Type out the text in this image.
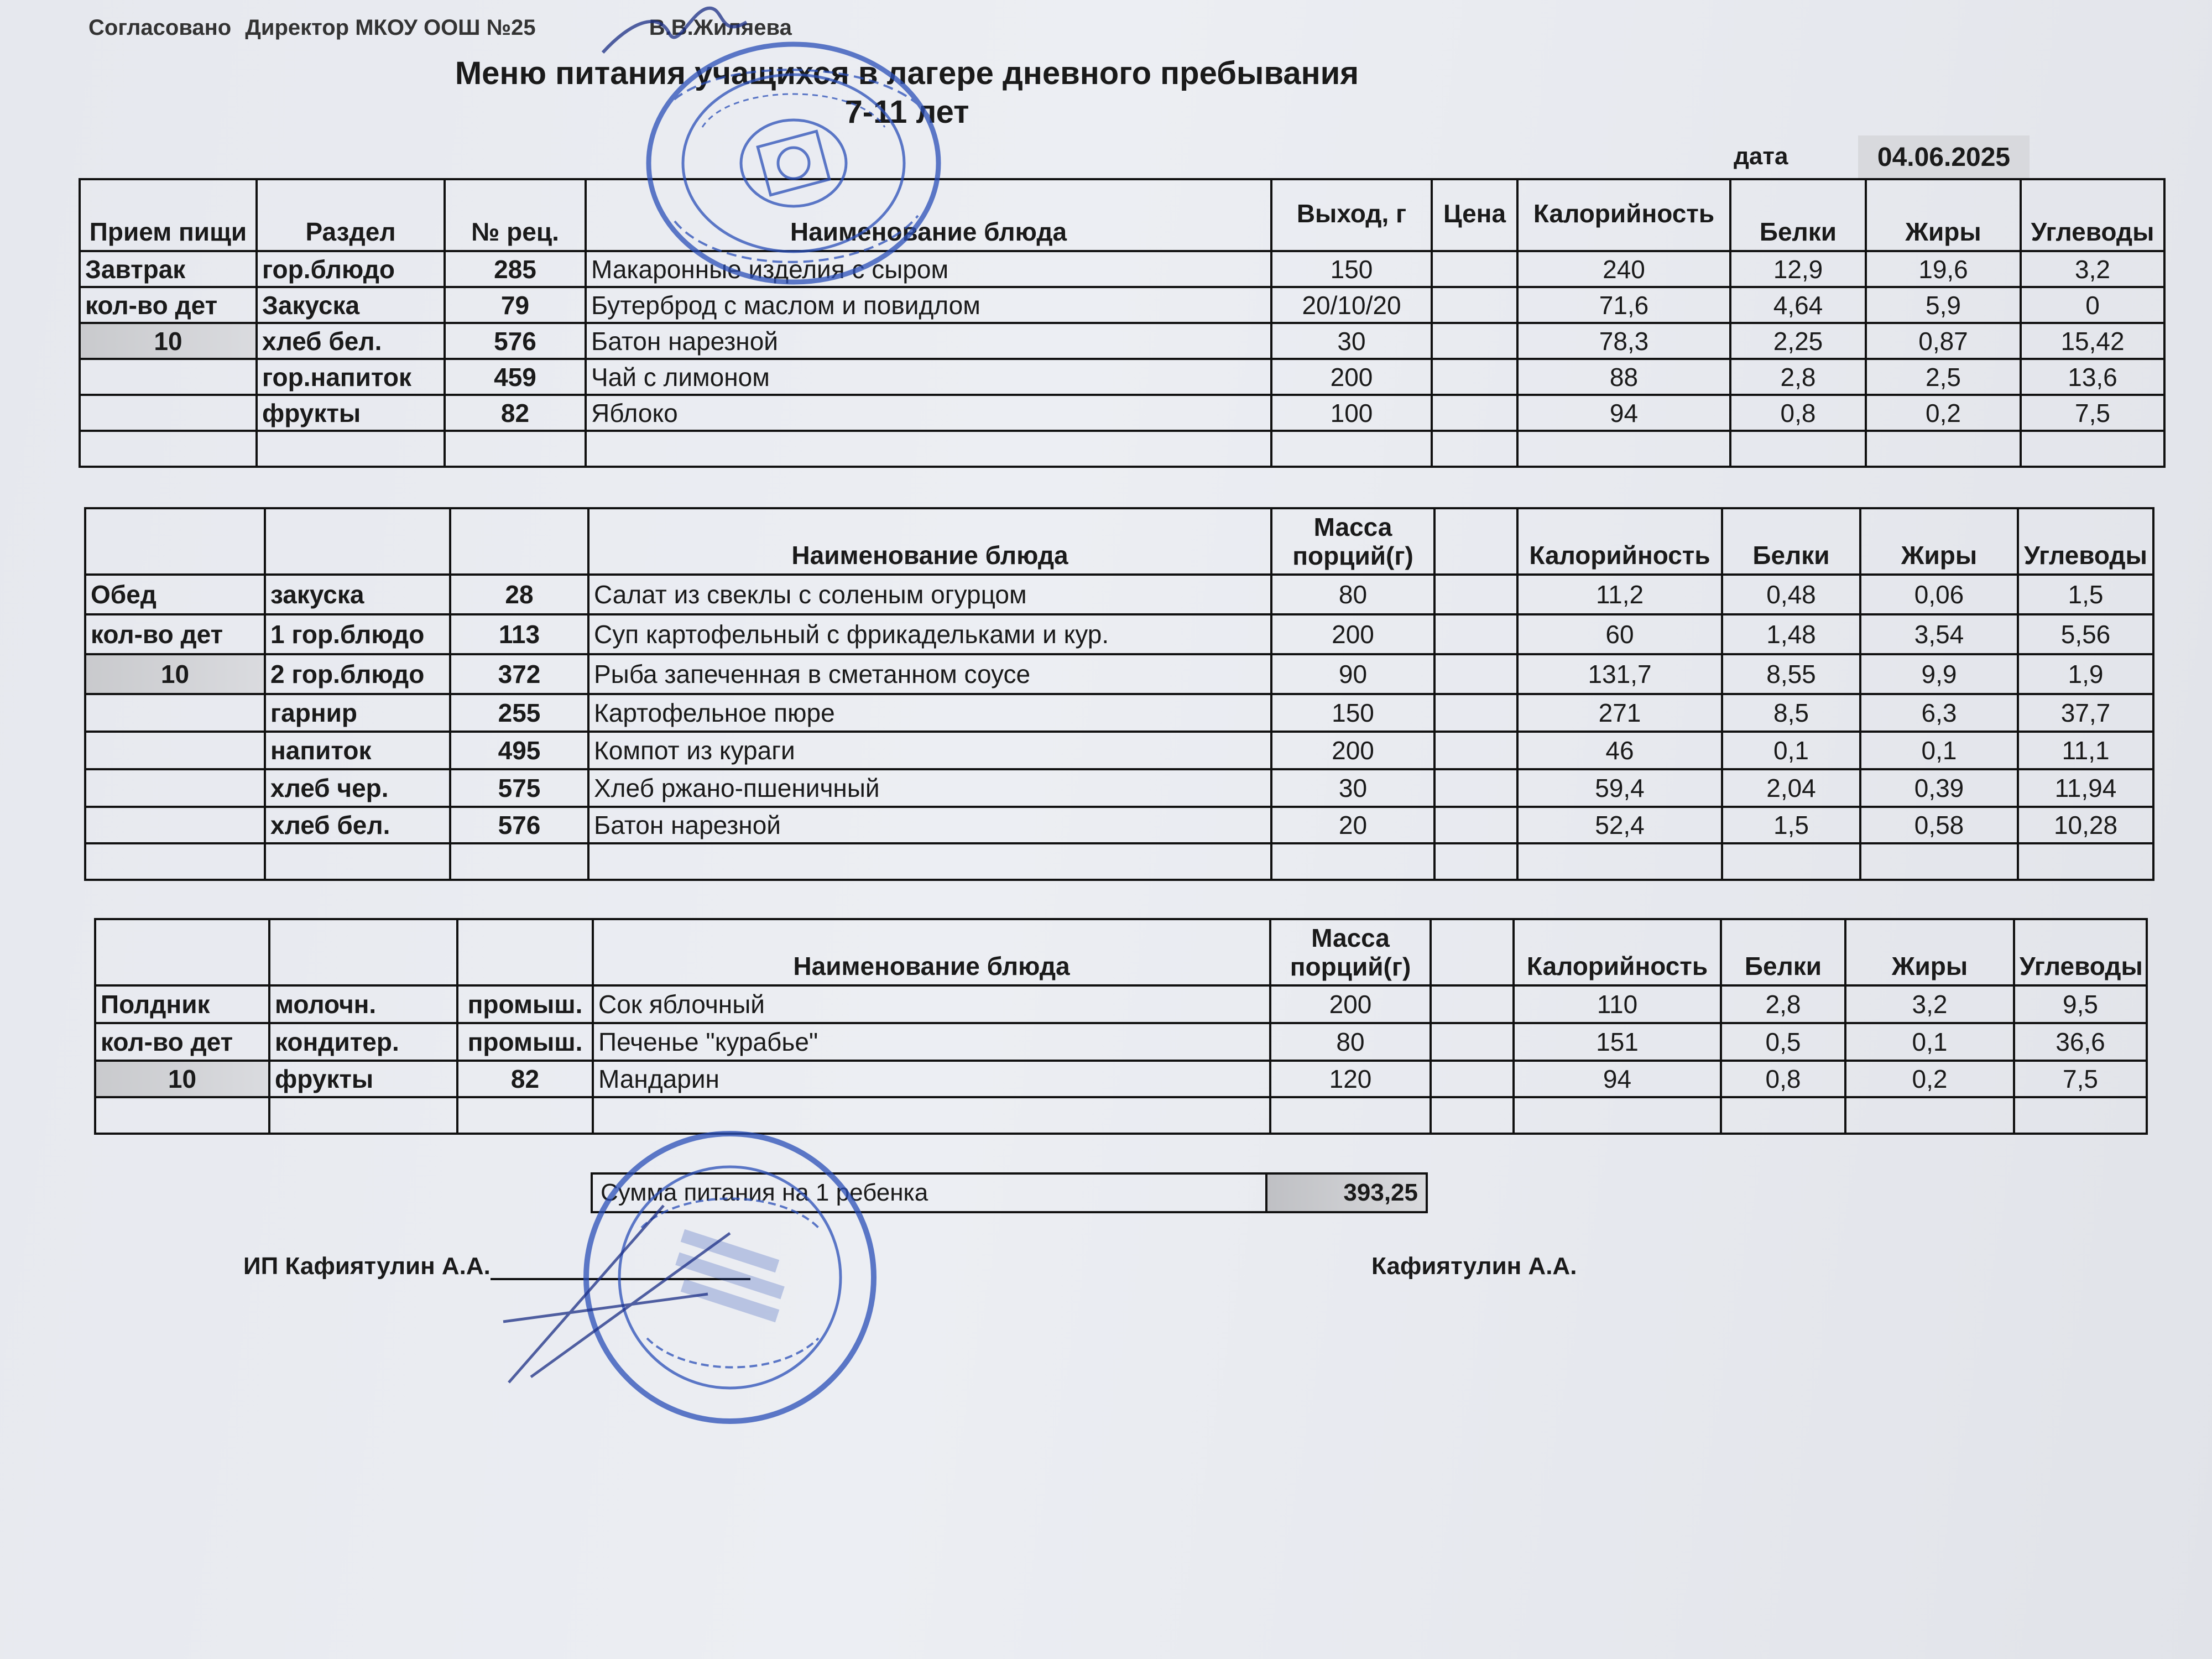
Согласовано Директор МКОУ ООШ №25	В.В.Жиляева
Меню питания учащихся в лагере дневного пребывания
7-11 лет
дата	04.06.2025
Прием пищи	Раздел	№ рец.	Наименование блюда	Выход, г	Цена	Калорийность	Белки	Жиры	Углеводы
Завтрак	гор.блюдо	285	Макаронные изделия с сыром	150		240	12,9	19,6	3,2
кол-во дет	Закуска	79	Бутерброд с маслом и повидлом	20/10/20		71,6	4,64	5,9	0
10	хлеб бел.	576	Батон нарезной	30		78,3	2,25	0,87	15,42
	гор.напиток	459	Чай с лимоном	200		88	2,8	2,5	13,6
	фрукты	82	Яблоко	100		94	0,8	0,2	7,5

			Наименование блюда	Масса
порций(г)		Калорийность	Белки	Жиры	Углеводы
Обед	закуска	28	Салат из свеклы с соленым огурцом	80		11,2	0,48	0,06	1,5
кол-во дет	1 гор.блюдо	113	Суп картофельный с фрикадельками и кур.	200		60	1,48	3,54	5,56
10	2 гор.блюдо	372	Рыба запеченная в сметанном соусе	90		131,7	8,55	9,9	1,9
	гарнир	255	Картофельное пюре	150		271	8,5	6,3	37,7
	напиток	495	Компот из кураги	200		46	0,1	0,1	11,1
	хлеб чер.	575	Хлеб ржано-пшеничный	30		59,4	2,04	0,39	11,94
	хлеб бел.	576	Батон нарезной	20		52,4	1,5	0,58	10,28

			Наименование блюда	Масса
порций(г)		Калорийность	Белки	Жиры	Углеводы
Полдник	молочн.	промыш.	Сок яблочный	200		110	2,8	3,2	9,5
кол-во дет	кондитер.	промыш.	Печенье "курабье"	80		151	0,5	0,1	36,6
10	фрукты	82	Мандарин	120		94	0,8	0,2	7,5

Сумма питания на 1 ребенка	393,25
ИП Кафиятулин А.А.	Кафиятулин А.А.
